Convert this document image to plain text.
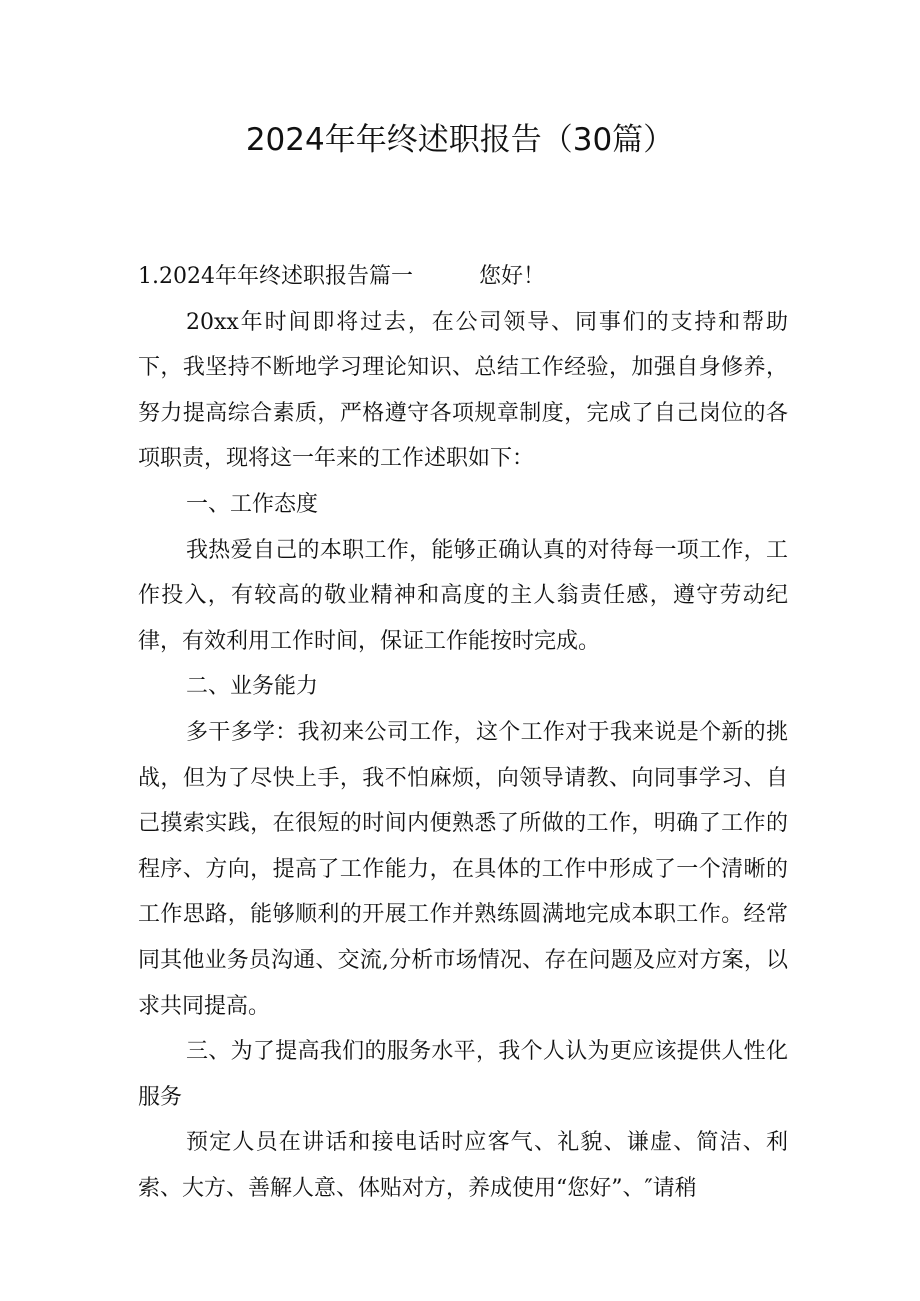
2024年年终述职报告（30篇）

1.2024年年终述职报告篇一	您好！

20xx年时间即将过去，在公司领导、同事们的支持和帮助下，我坚持不断地学习理论知识、总结工作经验，加强自身修养，努力提高综合素质，严格遵守各项规章制度，完成了自己岗位的各项职责，现将这一年来的工作述职如下：

一、工作态度

我热爱自己的本职工作，能够正确认真的对待每一项工作，工作投入，有较高的敬业精神和高度的主人翁责任感，遵守劳动纪律，有效利用工作时间，保证工作能按时完成。

二、业务能力

多干多学：我初来公司工作，这个工作对于我来说是个新的挑战，但为了尽快上手，我不怕麻烦，向领导请教、向同事学习、自己摸索实践，在很短的时间内便熟悉了所做的工作，明确了工作的程序、方向，提高了工作能力，在具体的工作中形成了一个清晰的工作思路，能够顺利的开展工作并熟练圆满地完成本职工作。经常同其他业务员沟通、交流,分析市场情况、存在问题及应对方案，以求共同提高。

三、为了提高我们的服务水平，我个人认为更应该提供人性化服务

预定人员在讲话和接电话时应客气、礼貌、谦虚、简洁、利索、大方、善解人意、体贴对方，养成使用“您好”、″请稍
